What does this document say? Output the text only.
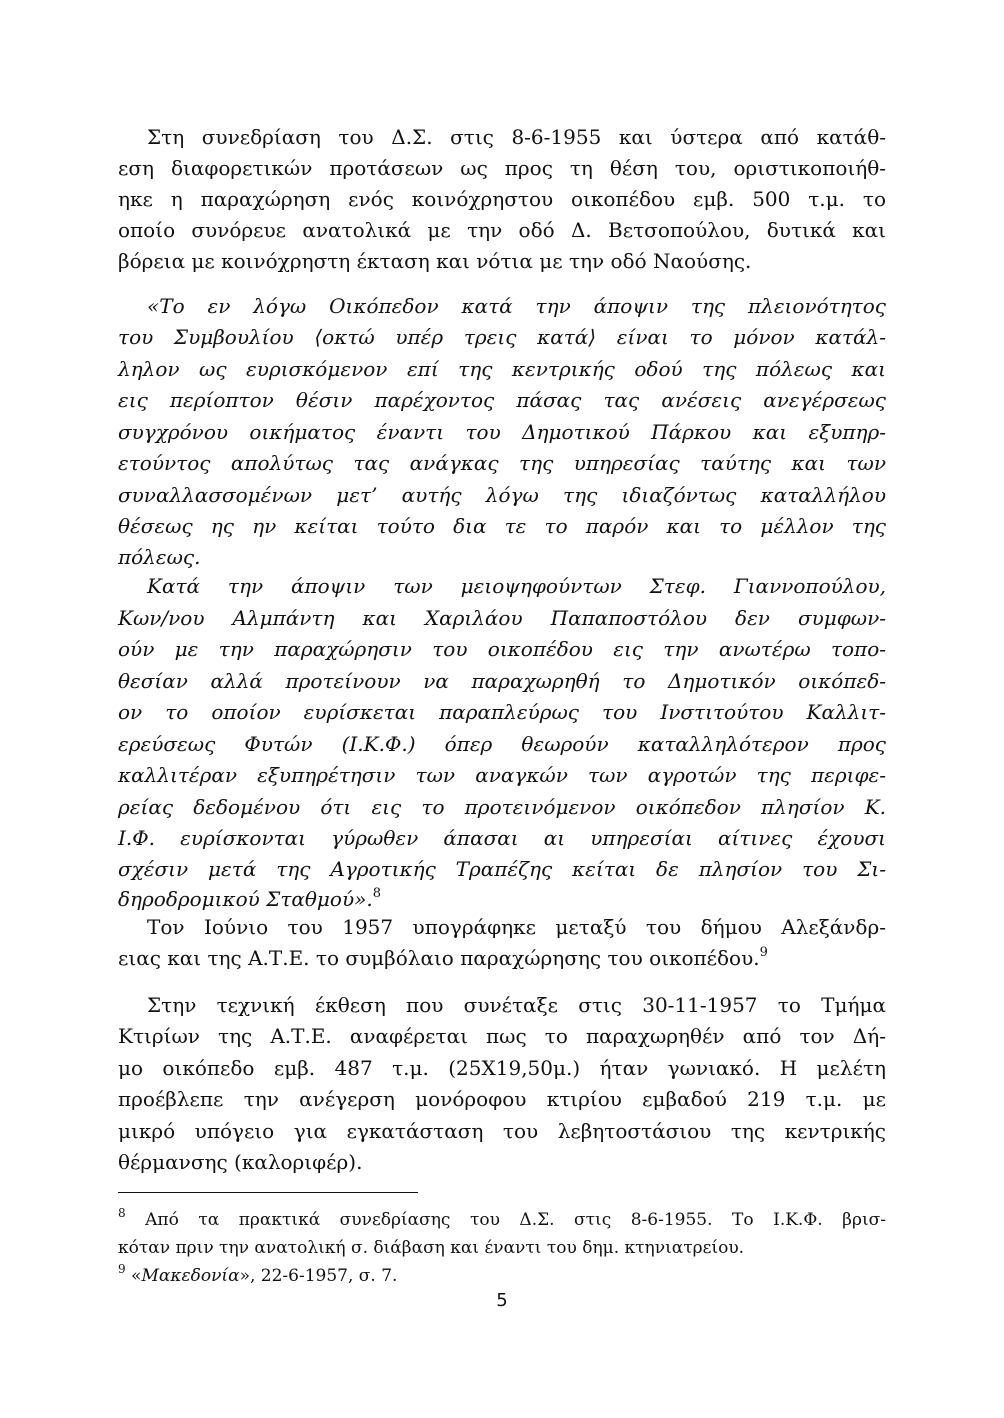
Στη συνεδρίαση του Δ.Σ. στις 8-6-1955 και ύστερα από κατάθ-
εση διαφορετικών προτάσεων ως προς τη θέση του, οριστικοποιήθ-
ηκε η παραχώρηση ενός κοινόχρηστου οικοπέδου εμβ. 500 τ.μ. το
οποίο συνόρευε ανατολικά με την οδό Δ. Βετσοπούλου, δυτικά και
βόρεια με κοινόχρηστη έκταση και νότια με την οδό Ναούσης.
«Το εν λόγω Οικόπεδον κατά την άποψιν της πλειονότητος
του Συμβουλίου ⟨οκτώ υπέρ τρεις κατά⟩ είναι το μόνον κατάλ-
ληλον ως ευρισκόμενον επί της κεντρικής οδού της πόλεως και
εις περίοπτον θέσιν παρέχοντος πάσας τας ανέσεις ανεγέρσεως
συγχρόνου οικήματος έναντι του Δημοτικού Πάρκου και εξυπηρ-
ετούντος απολύτως τας ανάγκας της υπηρεσίας ταύτης και των
συναλλασσομένων μετ’ αυτής λόγω της ιδιαζόντως καταλλήλου
θέσεως ης ην κείται τούτο δια τε το παρόν και το μέλλον της
πόλεως.
Κατά την άποψιν των μειοψηφούντων Στεφ. Γιαννοπούλου,
Κων/νου Αλμπάντη και Χαριλάου Παπαποστόλου δεν συμφων-
ούν με την παραχώρησιν του οικοπέδου εις την ανωτέρω τοπο-
θεσίαν αλλά προτείνουν να παραχωρηθή το Δημοτικόν οικόπεδ-
ον το οποίον ευρίσκεται παραπλεύρως του Ινστιτούτου Καλλιτ-
ερεύσεως Φυτών (Ι.Κ.Φ.) όπερ θεωρούν καταλληλότερον προς
καλλιτέραν εξυπηρέτησιν των αναγκών των αγροτών της περιφε-
ρείας δεδομένου ότι εις το προτεινόμενον οικόπεδον πλησίον Κ.
Ι.Φ. ευρίσκονται γύρωθεν άπασαι αι υπηρεσίαι αίτινες έχουσι
σχέσιν μετά της Αγροτικής Τραπέζης κείται δε πλησίον του Σι-
δηροδρομικού Σταθμού».$^8$
Τον Ιούνιο του 1957 υπογράφηκε μεταξύ του δήμου Αλεξάνδρ-
ειας και της Α.Τ.Ε. το συμβόλαιο παραχώρησης του οικοπέδου.$^9$
Στην τεχνική έκθεση που συνέταξε στις 30-11-1957 το Τμήμα
Κτιρίων της Α.Τ.Ε. αναφέρεται πως το παραχωρηθέν από τον Δή-
μο οικόπεδο εμβ. 487 τ.μ. (25Χ19,50μ.) ήταν γωνιακό. Η μελέτη
προέβλεπε την ανέγερση μονόροφου κτιρίου εμβαδού 219 τ.μ. με
μικρό υπόγειο για εγκατάσταση του λεβητοστάσιου της κεντρικής
θέρμανσης (καλοριφέρ).
$^8$ Από τα πρακτικά συνεδρίασης του Δ.Σ. στις 8-6-1955. Το Ι.Κ.Φ. βρισ-
κόταν πριν την ανατολική σ. διάβαση και έναντι του δημ. κτηνιατρείου.
$^9$ «Μακεδονία», 22-6-1957, σ. 7.
5
